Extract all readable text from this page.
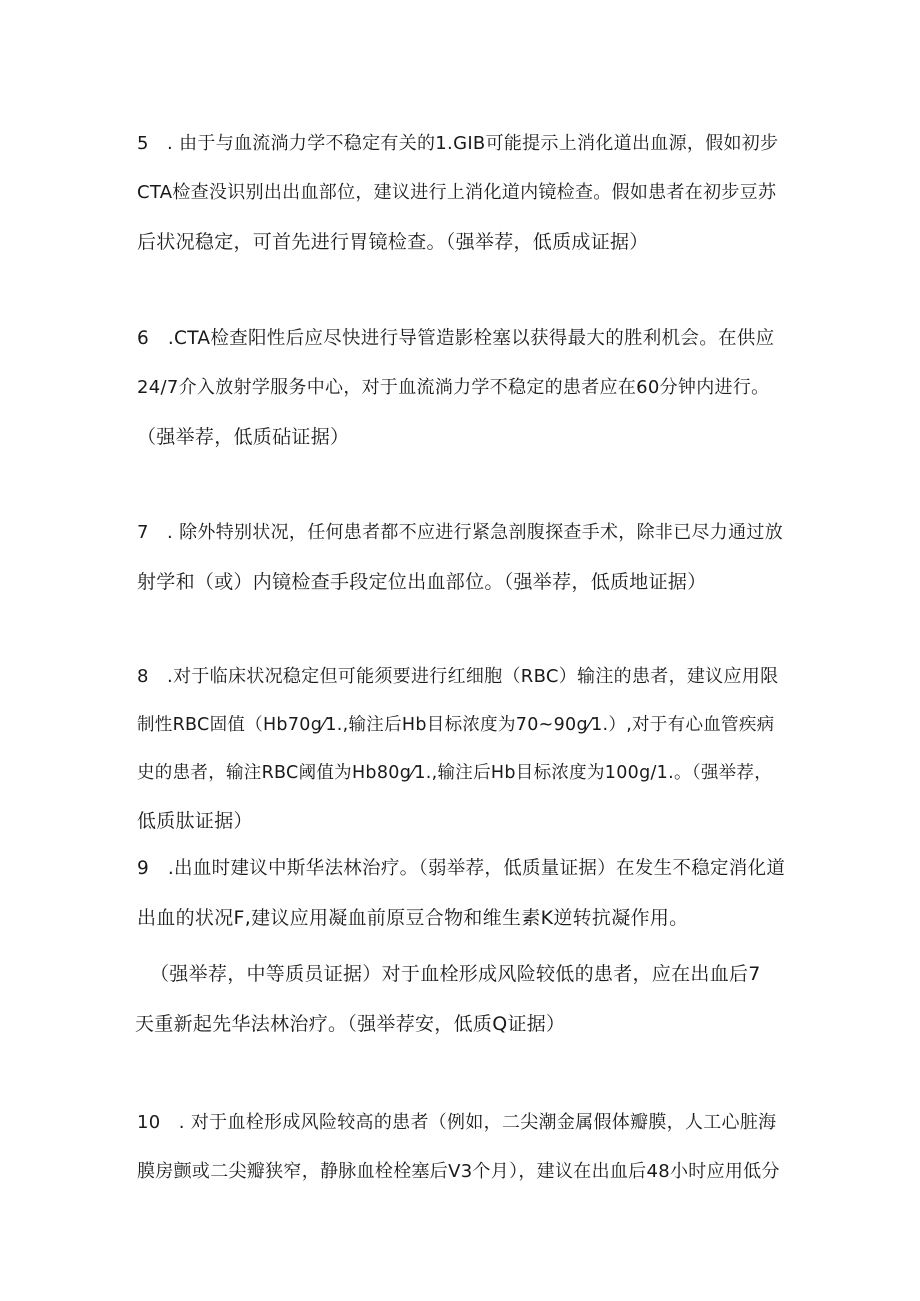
5　. 由于与血流淌力学不稳定有关的1.GIB可能提示上消化道出血源，假如初步
CTA检查没识别出出血部位，建议进行上消化道内镜检查。假如患者在初步豆苏
后状况稳定，可首先进行胃镜检查。（强举荐，低质成证据）
6　.CTA检查阳性后应尽快进行导管造影栓塞以获得最大的胜利机会。在供应
24/7介入放射学服务中心，对于血流淌力学不稳定的患者应在60分钟内进行。
（强举荐，低质砧证据）
7　. 除外特别状况，任何患者都不应进行紧急剖腹探查手术，除非已尽力通过放
射学和（或）内镜检查手段定位出血部位。（强举荐，低质地证据）
8　.对于临床状况稳定但可能须要进行红细胞（RBC）输注的患者，建议应用限
制性RBC固值（Hb70g⁄1.,输注后Hb目标浓度为70~90g⁄1.）,对于有心血管疾病
史的患者，输注RBC阈值为Hb80g⁄1.,输注后Hb目标浓度为100g/1.。（强举荐，
低质肽证据）
9　.出血时建议中斯华法林治疗。（弱举荐，低质量证据）在发生不稳定消化道
出血的状况F,建议应用凝血前原豆合物和维生素K逆转抗凝作用。
（强举荐，中等质员证据）对于血栓形成风险较低的患者，应在出血后7
天重新起先华法林治疗。（强举荐安，低质Q证据）
10　. 对于血栓形成风险较高的患者（例如，二尖潮金属假体瓣膜，人工心脏海
膜房颤或二尖瓣狭窄，静脉血栓栓塞后V3个月），建议在出血后48小时应用低分
